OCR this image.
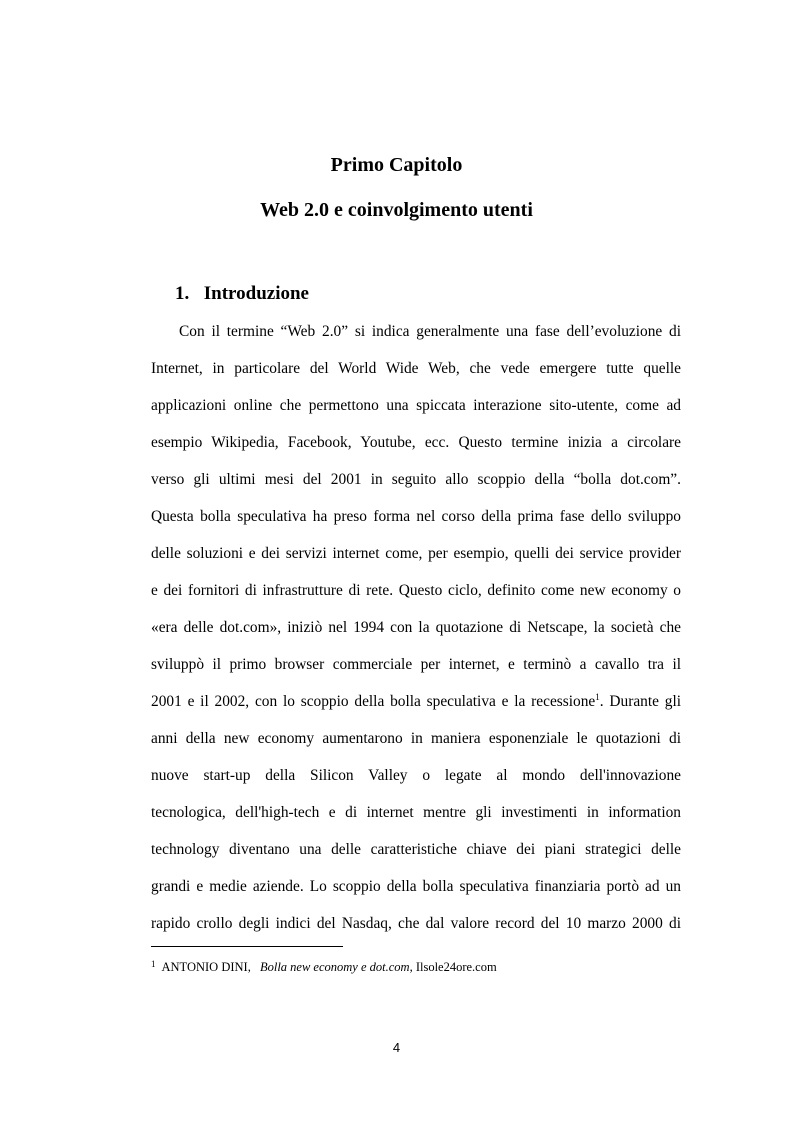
Primo Capitolo
Web 2.0 e coinvolgimento utenti
1. Introduzione
Con il termine “Web 2.0” si indica generalmente una fase dell’evoluzione di
Internet, in particolare del World Wide Web, che vede emergere tutte quelle
applicazioni online che permettono una spiccata interazione sito-utente, come ad
esempio Wikipedia, Facebook, Youtube, ecc. Questo termine inizia a circolare
verso gli ultimi mesi del 2001 in seguito allo scoppio della “bolla dot.com”.
Questa bolla speculativa ha preso forma nel corso della prima fase dello sviluppo
delle soluzioni e dei servizi internet come, per esempio, quelli dei service provider
e dei fornitori di infrastrutture di rete. Questo ciclo, definito come new economy o
«era delle dot.com», iniziò nel 1994 con la quotazione di Netscape, la società che
sviluppò il primo browser commerciale per internet, e terminò a cavallo tra il
2001 e il 2002, con lo scoppio della bolla speculativa e la recessione$^1$. Durante gli
anni della new economy aumentarono in maniera esponenziale le quotazioni di
nuove start-up della Silicon Valley o legate al mondo dell'innovazione
tecnologica, dell'high-tech e di internet mentre gli investimenti in information
technology diventano una delle caratteristiche chiave dei piani strategici delle
grandi e medie aziende. Lo scoppio della bolla speculativa finanziaria portò ad un
rapido crollo degli indici del Nasdaq, che dal valore record del 10 marzo 2000 di
$^1$ ANTONIO DINI, Bolla new economy e dot.com, Ilsole24ore.com
4
